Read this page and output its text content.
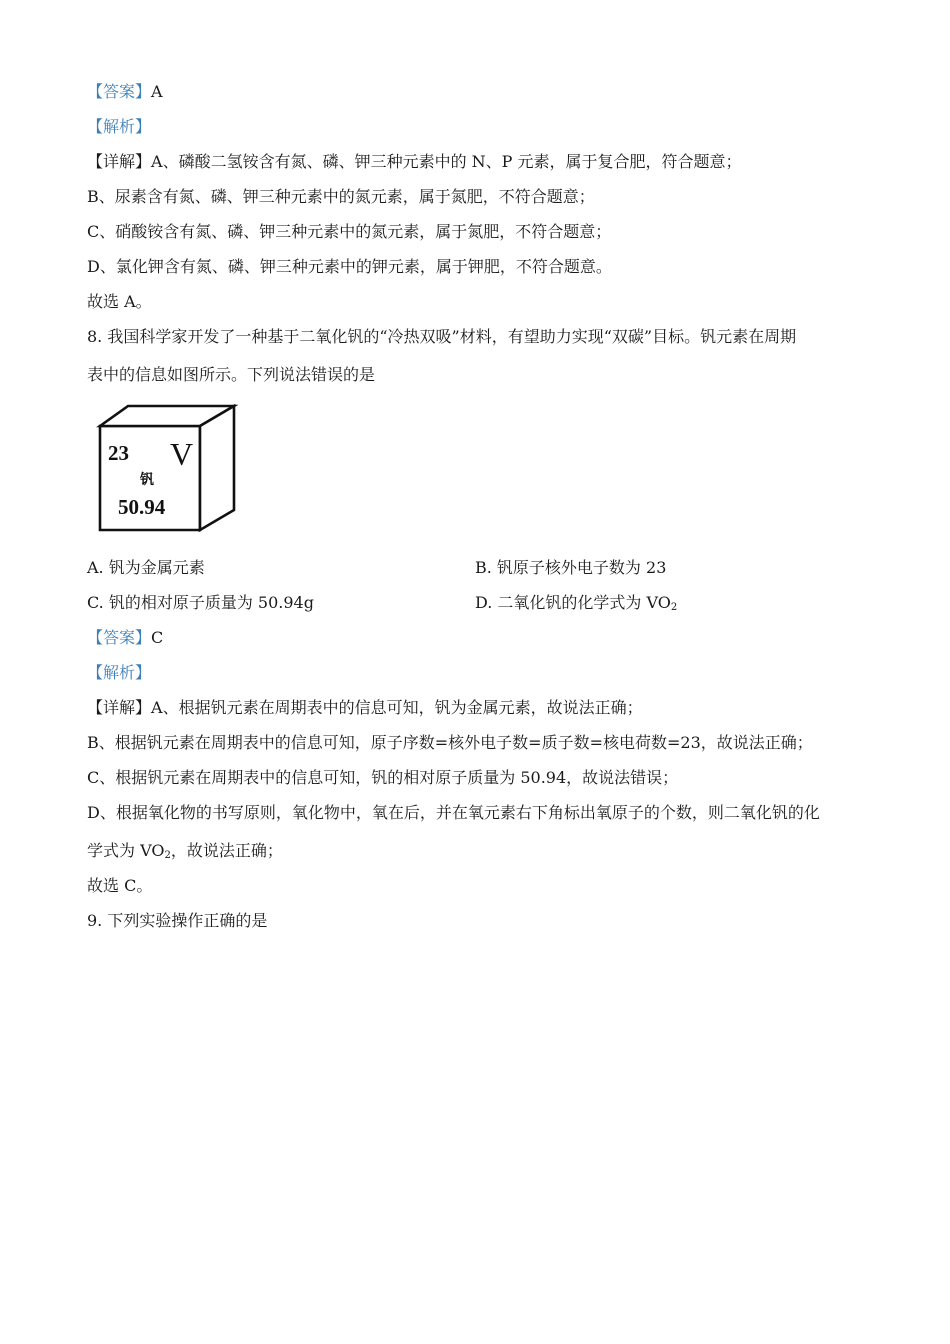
【答案】A
【解析】
【详解】A、磷酸二氢铵含有氮、磷、钾三种元素中的 N、P 元素，属于复合肥，符合题意；
B、尿素含有氮、磷、钾三种元素中的氮元素，属于氮肥，不符合题意；
C、硝酸铵含有氮、磷、钾三种元素中的氮元素，属于氮肥，不符合题意；
D、氯化钾含有氮、磷、钾三种元素中的钾元素，属于钾肥，不符合题意。
故选 A。
8. 我国科学家开发了一种基于二氧化钒的“冷热双吸”材料，有望助力实现“双碳”目标。钒元素在周期
表中的信息如图所示。下列说法错误的是
23 V
钒
50.94
A. 钒为金属元素	B. 钒原子核外电子数为 23
C. 钒的相对原子质量为 50.94g	D. 二氧化钒的化学式为 $VO_2$
【答案】C
【解析】
【详解】A、根据钒元素在周期表中的信息可知，钒为金属元素，故说法正确；
B、根据钒元素在周期表中的信息可知，原子序数=核外电子数=质子数=核电荷数=23，故说法正确；
C、根据钒元素在周期表中的信息可知，钒的相对原子质量为 50.94，故说法错误；
D、根据氧化物的书写原则，氧化物中，氧在后，并在氧元素右下角标出氧原子的个数，则二氧化钒的化
学式为 $VO_2$，故说法正确；
故选 C。
9. 下列实验操作正确的是
